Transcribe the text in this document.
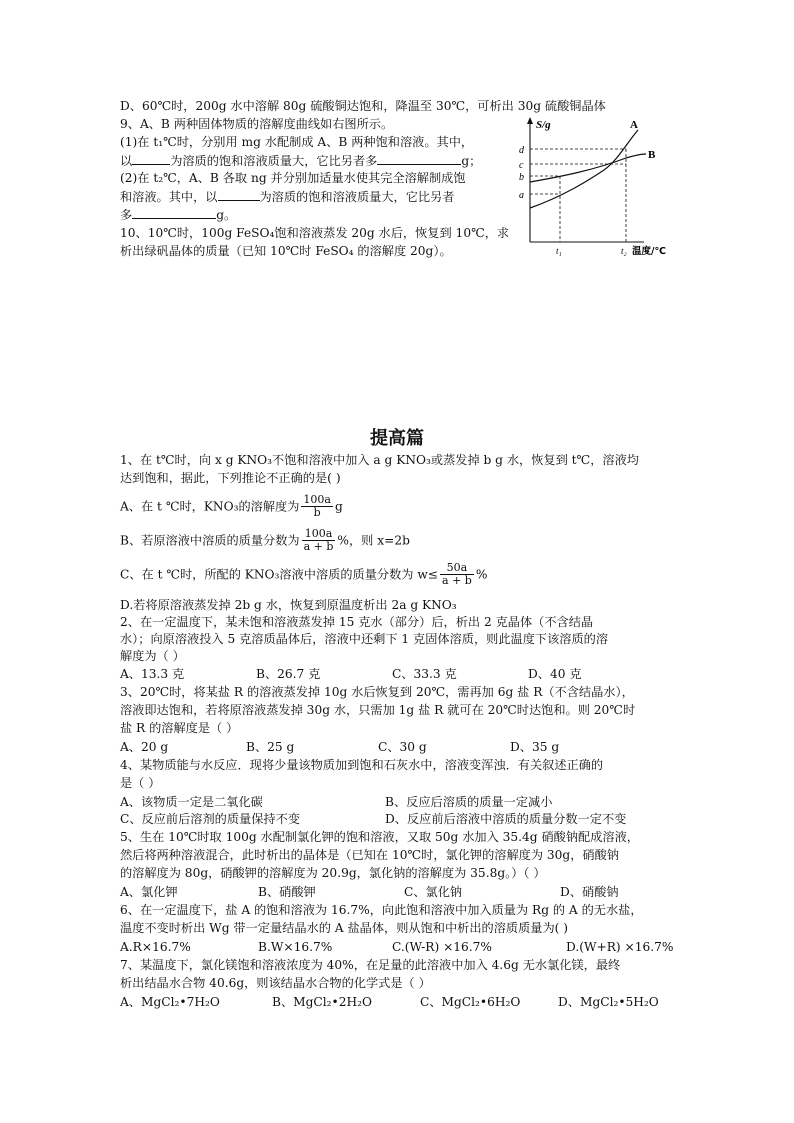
D、60℃时，200g 水中溶解 80g 硫酸铜达饱和，降温至 30℃，可析出 30g 硫酸铜晶体
9、A、B 两种固体物质的溶解度曲线如右图所示。
(1)在 t₁℃时，分别用 mg 水配制成 A、B 两种饱和溶液。其中，
以	为溶质的饱和溶液质量大，它比另者多	g；
(2)在 t₂℃，A、B 各取 ng 并分别加适量水使其完全溶解制成饱
和溶液。其中，以	为溶质的饱和溶液质量大，它比另者
多	g。
10、10℃时，100g FeSO₄饱和溶液蒸发 20g 水后，恢复到 10℃，求
析出绿矾晶体的质量（已知 10℃时 FeSO₄ 的溶解度 20g）。
S/g	A
B
d
c
b
a
t₁	t₂ 温度/℃
提高篇
1、在 t℃时，向 x g KNO₃不饱和溶液中加入 a g KNO₃或蒸发掉 b g 水，恢复到 t℃，溶液均
达到饱和，据此，下列推论不正确的是( )
A、在 t ℃时，KNO₃的溶解度为 $\frac{100a}{b}$ g
B、若原溶液中溶质的质量分数为 $\frac{100a}{a + b}$ %，则 x=2b
C、在 t ℃时，所配的 KNO₃溶液中溶质的质量分数为 $w\le \frac{50a}{a + b}$ %
D.若将原溶液蒸发掉 2b g 水，恢复到原温度析出 2a g KNO₃
2、在一定温度下，某未饱和溶液蒸发掉 15 克水（部分）后，析出 2 克晶体（不含结晶
水）；向原溶液投入 5 克溶质晶体后，溶液中还剩下 1 克固体溶质，则此温度下该溶质的溶
解度为（ ）
A、13.3 克	B、26.7 克	C、33.3 克	D、40 克
3、20℃时，将某盐 R 的溶液蒸发掉 10g 水后恢复到 20℃，需再加 6g 盐 R（不含结晶水），
溶液即达饱和，若将原溶液蒸发掉 30g 水，只需加 1g 盐 R 就可在 20℃时达饱和。则 20℃时
盐 R 的溶解度是（ ）
A、20 g	B、25 g	C、30 g	D、35 g
4、某物质能与水反应．现将少量该物质加到饱和石灰水中，溶液变浑浊．有关叙述正确的
是（ ）
A、该物质一定是二氧化碳	B、反应后溶质的质量一定减小
C、反应前后溶剂的质量保持不变	D、反应前后溶液中溶质的质量分数一定不变
5、生在 10℃时取 100g 水配制氯化钾的饱和溶液，又取 50g 水加入 35.4g 硝酸钠配成溶液，
然后将两种溶液混合，此时析出的晶体是（已知在 10℃时，氯化钾的溶解度为 30g，硝酸钠
的溶解度为 80g，硝酸钾的溶解度为 20.9g，氯化钠的溶解度为 35.8g。）（ ）
A、氯化钾	B、硝酸钾	C、氯化钠	D、硝酸钠
6、在一定温度下，盐 A 的饱和溶液为 16.7%，向此饱和溶液中加入质量为 Rg 的 A 的无水盐，
温度不变时析出 Wg 带一定量结晶水的 A 盐晶体，则从饱和中析出的溶质质量为( )
A.R×16.7%	B.W×16.7%	C.(W-R) ×16.7%	D.(W+R) ×16.7%
7、某温度下，氯化镁饱和溶液浓度为 40%，在足量的此溶液中加入 4.6g 无水氯化镁，最终
析出结晶水合物 40.6g，则该结晶水合物的化学式是（ ）
A、MgCl₂•7H₂O	B、MgCl₂•2H₂O	C、MgCl₂•6H₂O	D、MgCl₂•5H₂O
